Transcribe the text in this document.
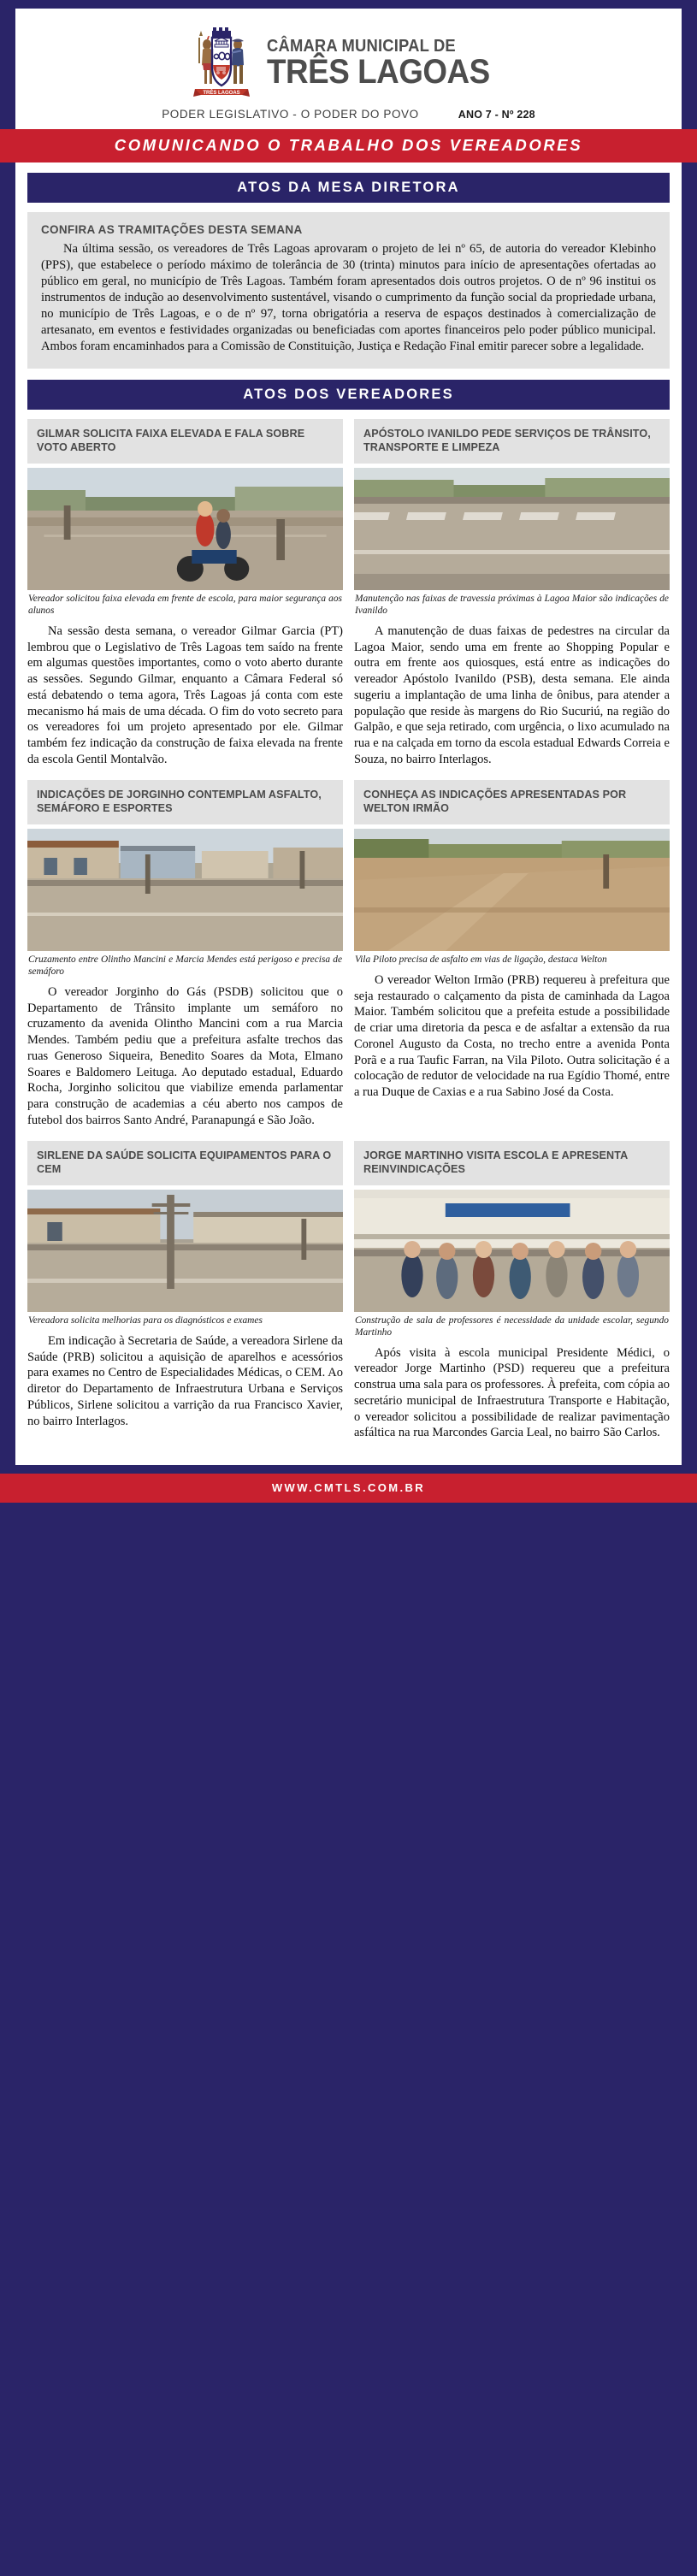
TRÊS LAGOAS
CÂMARA MUNICIPAL DE
TRÊS LAGOAS
PODER LEGISLATIVO - O PODER DO POVO	ANO 7 - Nº 228
COMUNICANDO O TRABALHO DOS VEREADORES
ATOS DA MESA DIRETORA
CONFIRA AS TRAMITAÇÕES DESTA SEMANA
Na última sessão, os vereadores de Três Lagoas aprovaram o projeto de lei nº 65, de autoria do vereador Klebinho (PPS), que estabelece o período máximo de tolerância de 30 (trinta) minutos para início de apresentações ofertadas ao público em geral, no município de Três Lagoas. Também foram apresentados dois outros projetos. O de nº 96 institui os instrumentos de indução ao desenvolvimento sustentável, visando o cumprimento da função social da propriedade urbana, no município de Três Lagoas, e o de nº 97, torna obrigatória a reserva de espaços destinados à comercialização de artesanato, em eventos e festividades organizadas ou beneficiadas com aportes financeiros pelo poder público municipal. Ambos foram encaminhados para a Comissão de Constituição, Justiça e Redação Final emitir parecer sobre a legalidade.
ATOS DOS VEREADORES
GILMAR SOLICITA FAIXA ELEVADA E FALA SOBRE VOTO ABERTO
Vereador solicitou faixa elevada em frente de escola, para maior segurança aos alunos
Na sessão desta semana, o vereador Gilmar Garcia (PT) lembrou que o Legislativo de Três Lagoas tem saído na frente em algumas questões importantes, como o voto aberto durante as sessões. Segundo Gilmar, enquanto a Câmara Federal só está debatendo o tema agora, Três Lagoas já conta com este mecanismo há mais de uma década. O fim do voto secreto para os vereadores foi um projeto apresentado por ele. Gilmar também fez indicação da construção de faixa elevada na frente da escola Gentil Montalvão.
APÓSTOLO IVANILDO PEDE SERVIÇOS DE TRÂNSITO, TRANSPORTE E LIMPEZA
Manutenção nas faixas de travessia próximas à Lagoa Maior são indicações de Ivanildo
A manutenção de duas faixas de pedestres na circular da Lagoa Maior, sendo uma em frente ao Shopping Popular e outra em frente aos quiosques, está entre as indicações do vereador Apóstolo Ivanildo (PSB), desta semana. Ele ainda sugeriu a implantação de uma linha de ônibus, para atender a população que reside às margens do Rio Sucuriú, na região do Galpão, e que seja retirado, com urgência, o lixo acumulado na rua e na calçada em torno da escola estadual Edwards Correia e Souza, no bairro Interlagos.
INDICAÇÕES DE JORGINHO CONTEMPLAM ASFALTO, SEMÁFORO E ESPORTES
Cruzamento entre Olintho Mancini e Marcia Mendes está perigoso e precisa de semáforo
O vereador Jorginho do Gás (PSDB) solicitou que o Departamento de Trânsito implante um semáforo no cruzamento da avenida Olintho Mancini com a rua Marcia Mendes. Também pediu que a prefeitura asfalte trechos das ruas Generoso Siqueira, Benedito Soares da Mota, Elmano Soares e Baldomero Leituga. Ao deputado estadual, Eduardo Rocha, Jorginho solicitou que viabilize emenda parlamentar para construção de academias a céu aberto nos campos de futebol dos bairros Santo André, Paranapungá e São João.
CONHEÇA AS INDICAÇÕES APRESENTADAS POR WELTON IRMÃO
Vila Piloto precisa de asfalto em vias de ligação, destaca Welton
O vereador Welton Irmão (PRB) requereu à prefeitura que seja restaurado o calçamento da pista de caminhada da Lagoa Maior. Também solicitou que a prefeita estude a possibilidade de criar uma diretoria da pesca e de asfaltar a extensão da rua Coronel Augusto da Costa, no trecho entre a avenida Ponta Porã e a rua Taufic Farran, na Vila Piloto. Outra solicitação é a colocação de redutor de velocidade na rua Egídio Thomé, entre a rua Duque de Caxias e a rua Sabino José da Costa.
SIRLENE DA SAÚDE SOLICITA EQUIPAMENTOS PARA O CEM
Vereadora solicita melhorias para os diagnósticos e exames
Em indicação à Secretaria de Saúde, a vereadora Sirlene da Saúde (PRB) solicitou a aquisição de aparelhos e acessórios para exames no Centro de Especialidades Médicas, o CEM. Ao diretor do Departamento de Infraestrutura Urbana e Serviços Públicos, Sirlene solicitou a varrição da rua Francisco Xavier, no bairro Interlagos.
JORGE MARTINHO VISITA ESCOLA E APRESENTA REINVINDICAÇÕES
Construção de sala de professores é necessidade da unidade escolar, segundo Martinho
Após visita à escola municipal Presidente Médici, o vereador Jorge Martinho (PSD) requereu que a prefeitura construa uma sala para os professores. À prefeita, com cópia ao secretário municipal de Infraestrutura Transporte e Habitação, o vereador solicitou a possibilidade de realizar pavimentação asfáltica na rua Marcondes Garcia Leal, no bairro São Carlos.
WWW.CMTLS.COM.BR
